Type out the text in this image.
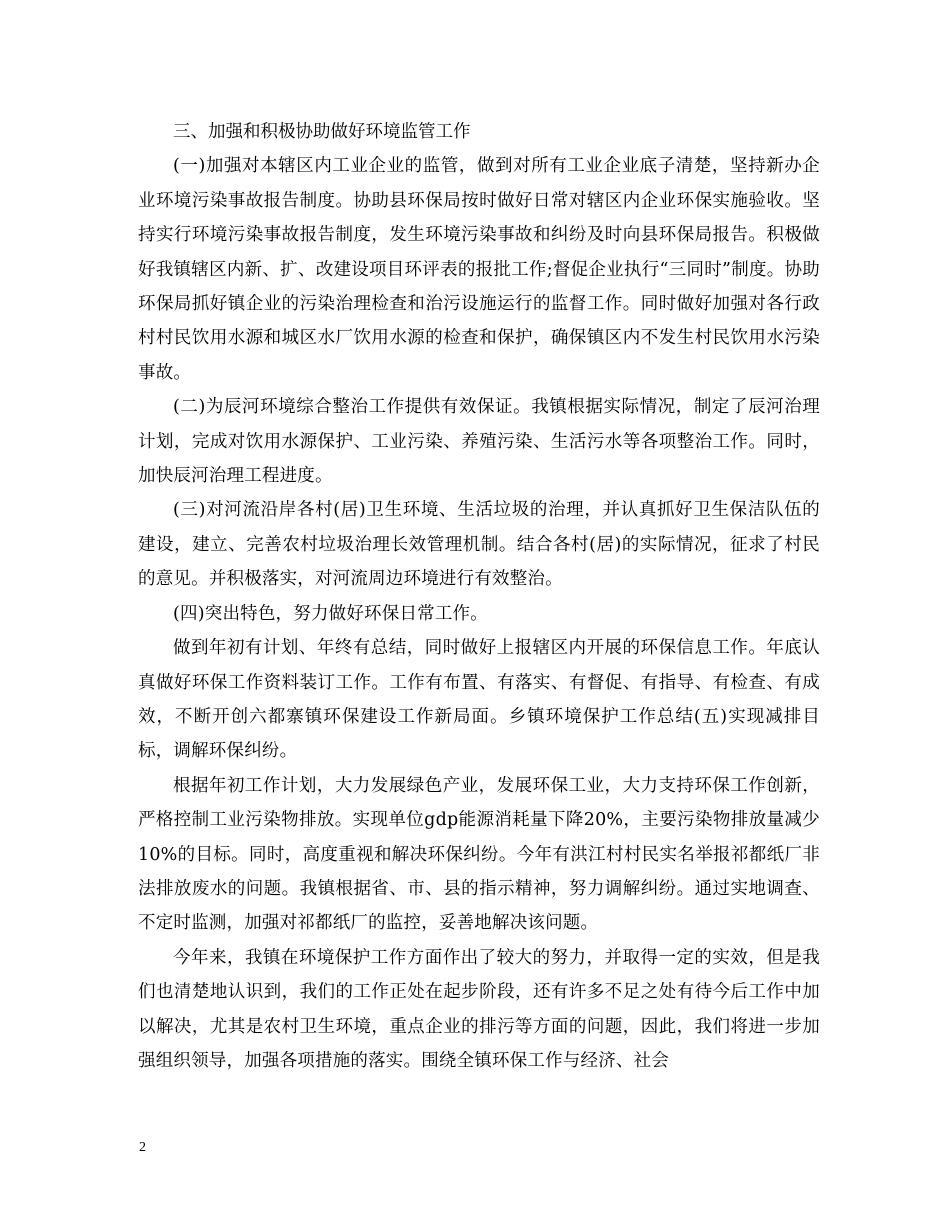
三、加强和积极协助做好环境监管工作

(一)加强对本辖区内工业企业的监管，做到对所有工业企业底子清楚，坚持新办企业环境污染事故报告制度。协助县环保局按时做好日常对辖区内企业环保实施验收。坚持实行环境污染事故报告制度，发生环境污染事故和纠纷及时向县环保局报告。积极做好我镇辖区内新、扩、改建设项目环评表的报批工作;督促企业执行“三同时”制度。协助环保局抓好镇企业的污染治理检查和治污设施运行的监督工作。同时做好加强对各行政村村民饮用水源和城区水厂饮用水源的检查和保护，确保镇区内不发生村民饮用水污染事故。

(二)为辰河环境综合整治工作提供有效保证。我镇根据实际情况，制定了辰河治理计划，完成对饮用水源保护、工业污染、养殖污染、生活污水等各项整治工作。同时，加快辰河治理工程进度。

(三)对河流沿岸各村(居)卫生环境、生活垃圾的治理，并认真抓好卫生保洁队伍的建设，建立、完善农村垃圾治理长效管理机制。结合各村(居)的实际情况，征求了村民的意见。并积极落实，对河流周边环境进行有效整治。

(四)突出特色，努力做好环保日常工作。

做到年初有计划、年终有总结，同时做好上报辖区内开展的环保信息工作。年底认真做好环保工作资料装订工作。工作有布置、有落实、有督促、有指导、有检查、有成效，不断开创六都寨镇环保建设工作新局面。乡镇环境保护工作总结(五)实现减排目标，调解环保纠纷。

根据年初工作计划，大力发展绿色产业，发展环保工业，大力支持环保工作创新，严格控制工业污染物排放。实现单位gdp能源消耗量下降20%，主要污染物排放量减少10%的目标。同时，高度重视和解决环保纠纷。今年有洪江村村民实名举报祁都纸厂非法排放废水的问题。我镇根据省、市、县的指示精神，努力调解纠纷。通过实地调查、不定时监测，加强对祁都纸厂的监控，妥善地解决该问题。

今年来，我镇在环境保护工作方面作出了较大的努力，并取得一定的实效，但是我们也清楚地认识到，我们的工作正处在起步阶段，还有许多不足之处有待今后工作中加以解决，尤其是农村卫生环境，重点企业的排污等方面的问题，因此，我们将进一步加强组织领导，加强各项措施的落实。围绕全镇环保工作与经济、社会

2
